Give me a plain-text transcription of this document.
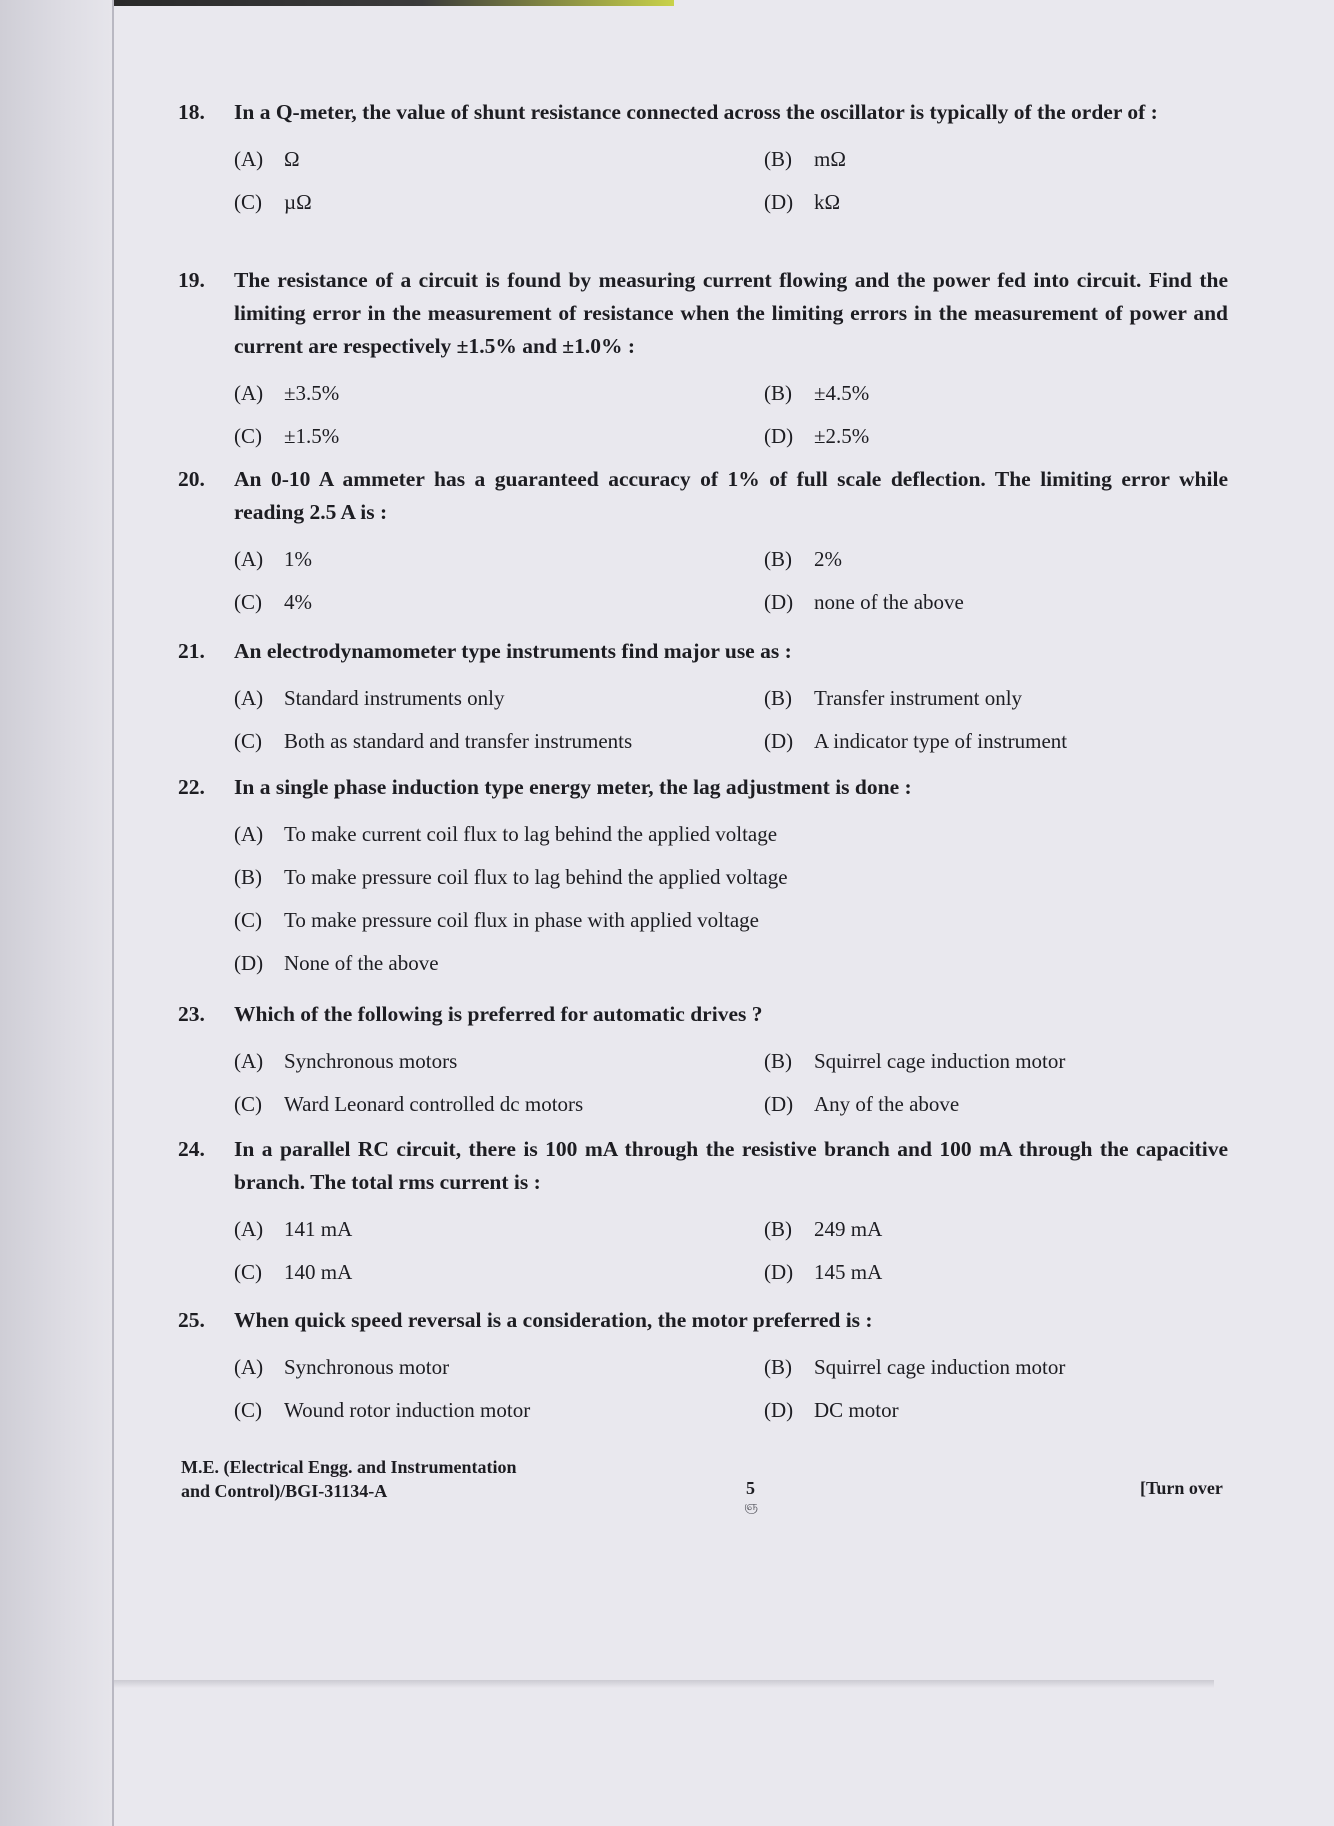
18.	In a Q-meter, the value of shunt resistance connected across the oscillator is typically of the order of :
(A) Ω	(B)	mΩ
(C)	µΩ	(D) kΩ
19.	The resistance of a circuit is found by measuring current flowing and the power fed into circuit. Find the limiting error in the measurement of resistance when the limiting errors in the measurement of power and current are respectively ±1.5% and ±1.0% :
(A) ±3.5%	(B)	±4.5%
(C)	±1.5%	(D) ±2.5%
20.	An 0-10 A ammeter has a guaranteed accuracy of 1% of full scale deflection. The limiting error while reading 2.5 A is :
(A) 1%	(B)	2%
(C)	4%	(D) none of the above
21.	An electrodynamometer type instruments find major use as :
(A) Standard instruments only	(B)	Transfer instrument only
(C)	Both as standard and transfer instruments	(D) A indicator type of instrument
22.	In a single phase induction type energy meter, the lag adjustment is done :
(A) To make current coil flux to lag behind the applied voltage
(B)	To make pressure coil flux to lag behind the applied voltage
(C)	To make pressure coil flux in phase with applied voltage
(D) None of the above
23.	Which of the following is preferred for automatic drives ?
(A) Synchronous motors	(B)	Squirrel cage induction motor
(C)	Ward Leonard controlled dc motors	(D) Any of the above
24.	In a parallel RC circuit, there is 100 mA through the resistive branch and 100 mA through the capacitive branch. The total rms current is :
(A) 141 mA	(B)	249 mA
(C)	140 mA	(D) 145 mA
25.	When quick speed reversal is a consideration, the motor preferred is :
(A) Synchronous motor	(B)	Squirrel cage induction motor
(C)	Wound rotor induction motor	(D) DC motor
M.E. (Electrical Engg. and Instrumentation
and Control)/BGI-31134-A	5
ஞ
[Turn over
